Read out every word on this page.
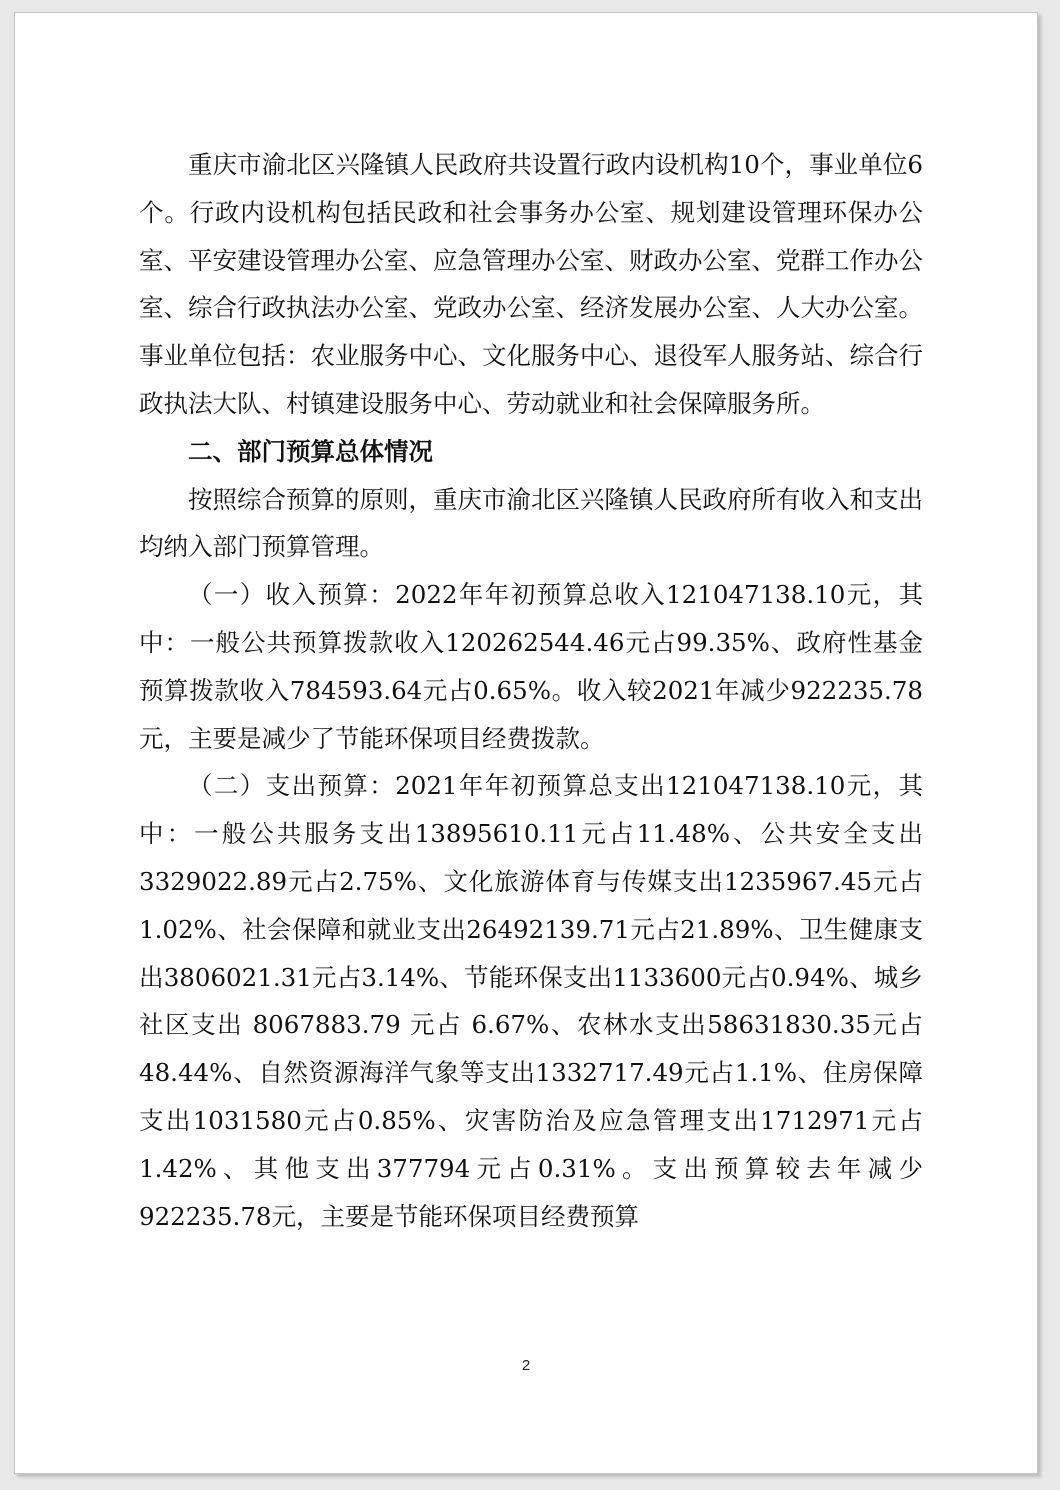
重庆市渝北区兴隆镇人民政府共设置行政内设机构10个，事业单位6个。行政内设机构包括民政和社会事务办公室、规划建设管理环保办公室、平安建设管理办公室、应急管理办公室、财政办公室、党群工作办公室、综合行政执法办公室、党政办公室、经济发展办公室、人大办公室。事业单位包括：农业服务中心、文化服务中心、退役军人服务站、综合行政执法大队、村镇建设服务中心、劳动就业和社会保障服务所。

二、部门预算总体情况

按照综合预算的原则，重庆市渝北区兴隆镇人民政府所有收入和支出均纳入部门预算管理。

（一）收入预算：2022年年初预算总收入121047138.10元，其中：一般公共预算拨款收入120262544.46元占99.35%、政府性基金预算拨款收入784593.64元占0.65%。收入较2021年减少922235.78元，主要是减少了节能环保项目经费拨款。

（二）支出预算：2021年年初预算总支出121047138.10元，其中：一般公共服务支出13895610.11元占11.48%、公共安全支出3329022.89元占2.75%、文化旅游体育与传媒支出1235967.45元占1.02%、社会保障和就业支出26492139.71元占21.89%、卫生健康支出3806021.31元占3.14%、节能环保支出1133600元占0.94%、城乡社区支出 8067883.79 元占 6.67%、农林水支出58631830.35元占48.44%、自然资源海洋气象等支出1332717.49元占1.1%、住房保障支出1031580元占0.85%、灾害防治及应急管理支出1712971元占1.42%、其他支出377794元占0.31%。支出预算较去年减少922235.78元，主要是节能环保项目经费预算

2
